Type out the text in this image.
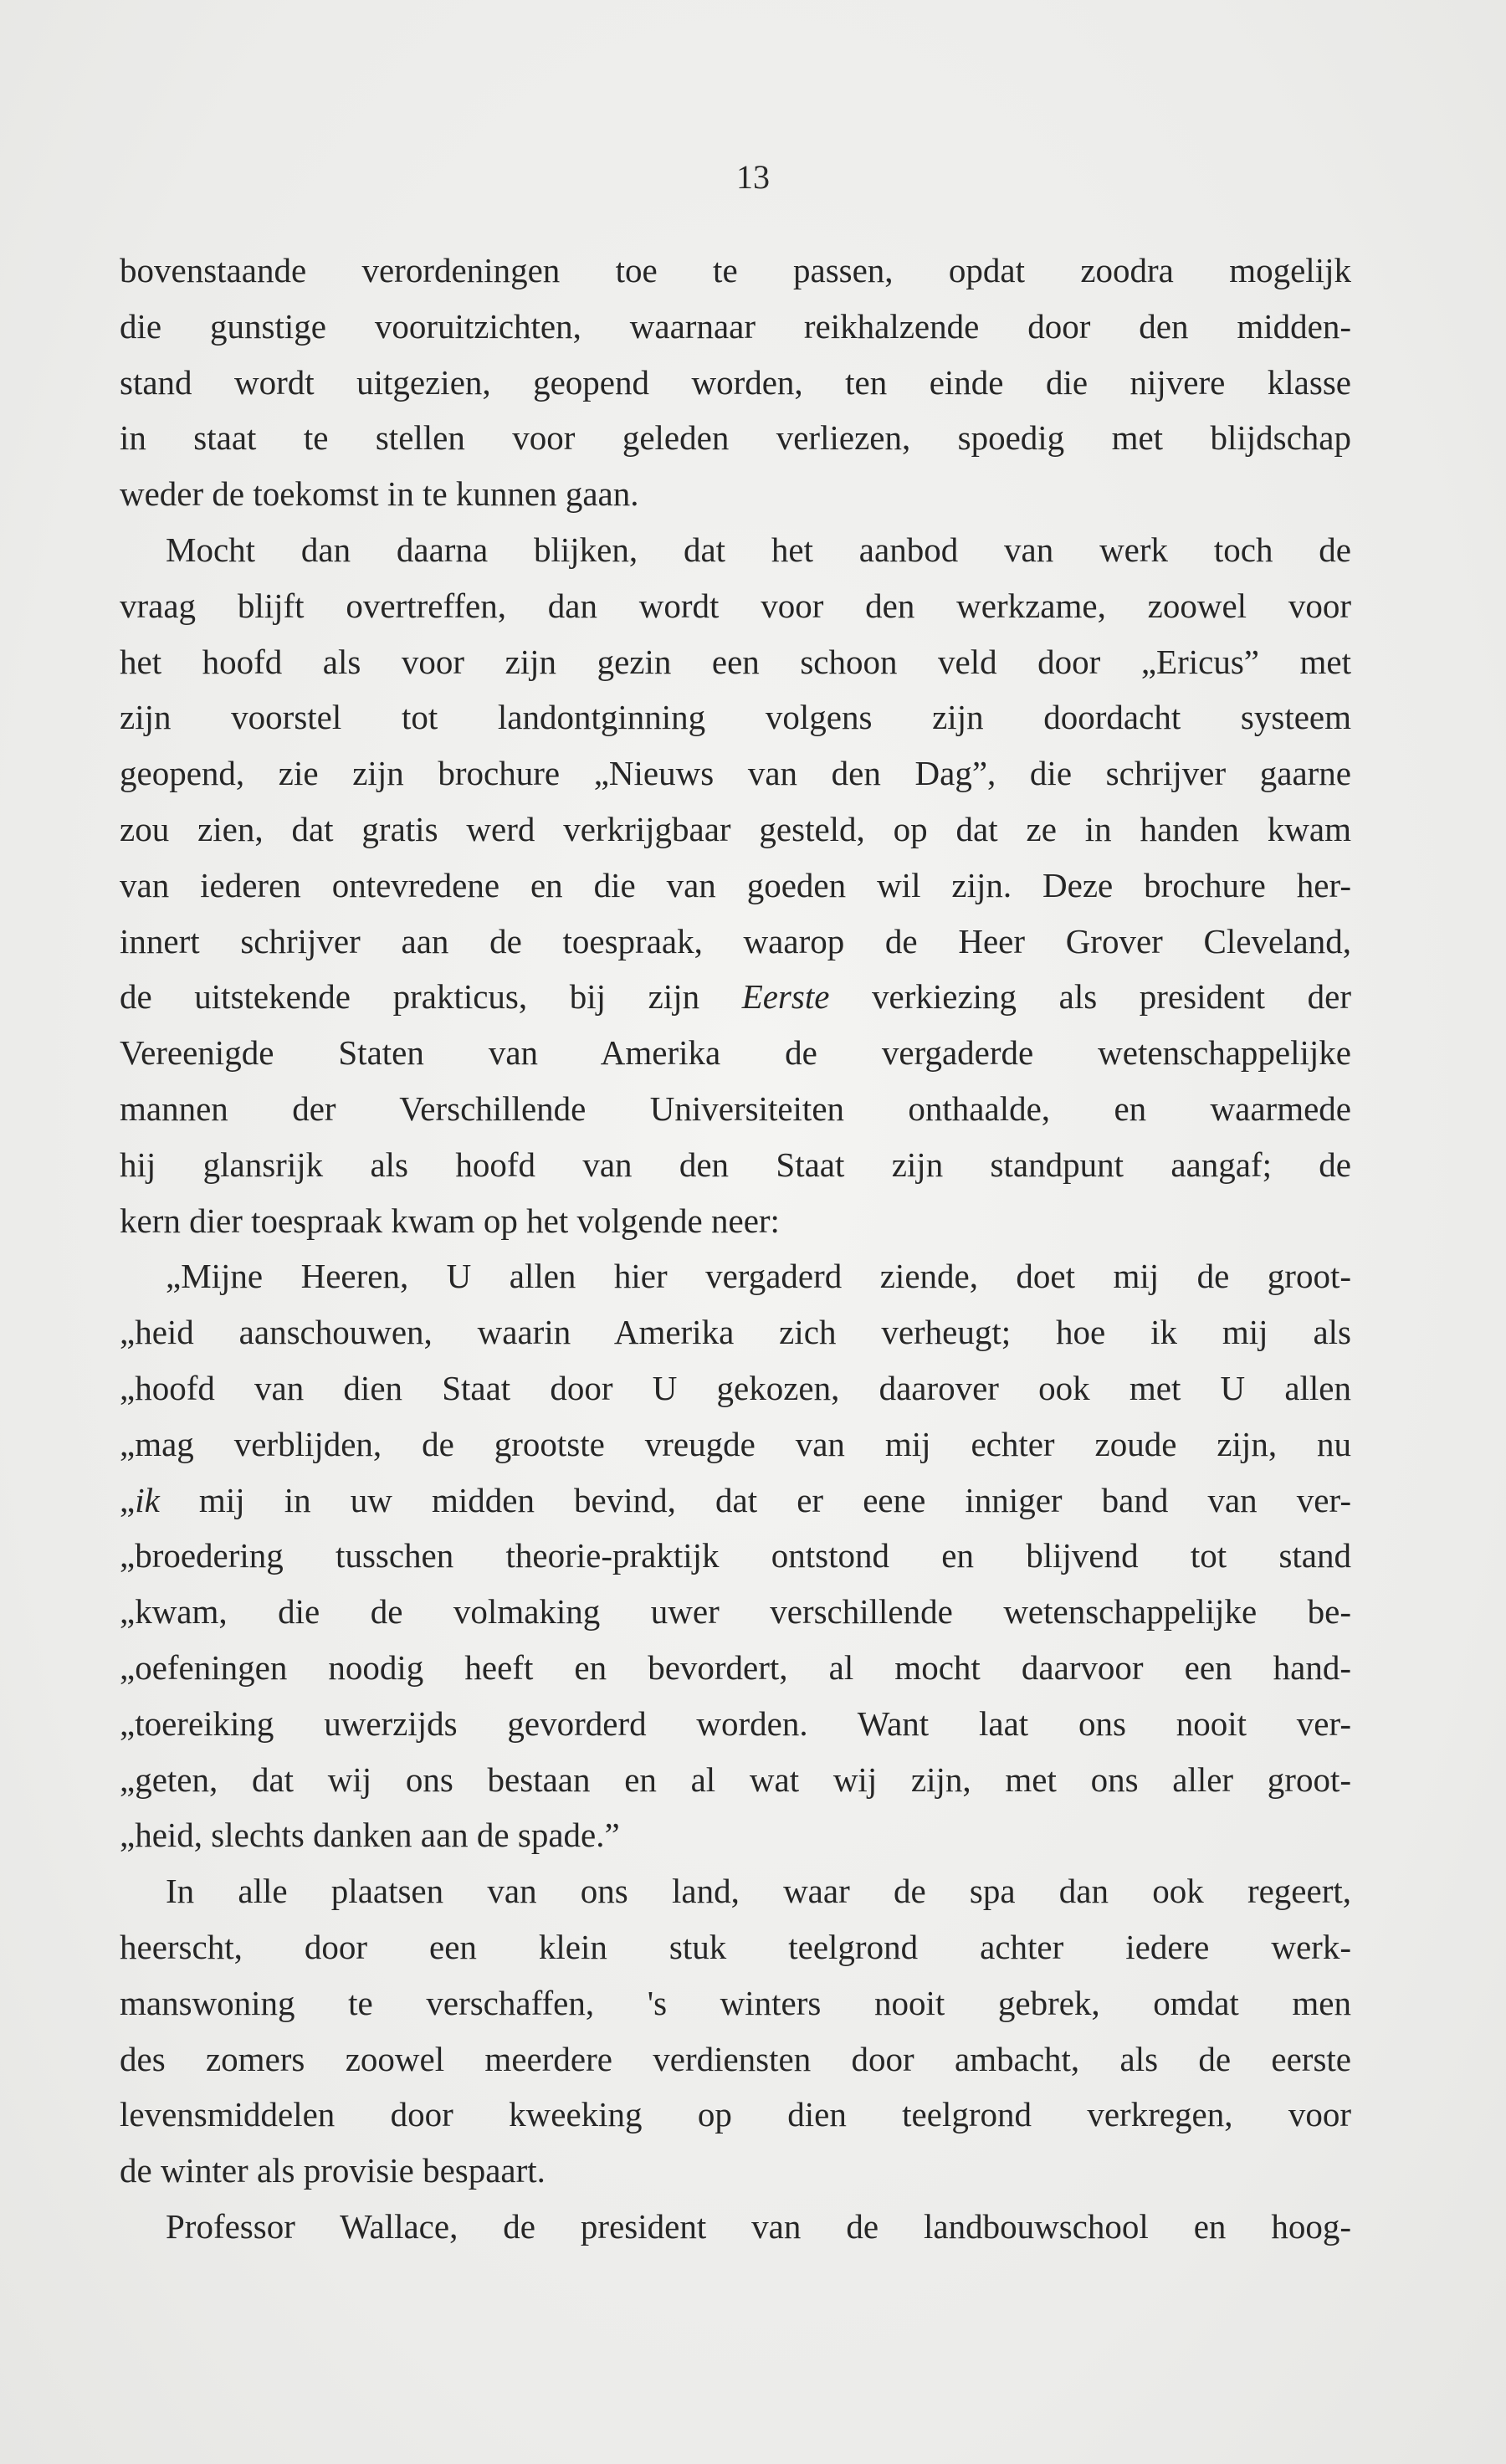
13
bovenstaande verordeningen toe te passen, opdat zoodra mogelijk
die gunstige vooruitzichten, waarnaar reikhalzende door den midden-
stand wordt uitgezien, geopend worden, ten einde die nijvere klasse
in staat te stellen voor geleden verliezen, spoedig met blijdschap
weder de toekomst in te kunnen gaan.
Mocht dan daarna blijken, dat het aanbod van werk toch de
vraag blijft overtreffen, dan wordt voor den werkzame, zoowel voor
het hoofd als voor zijn gezin een schoon veld door „Ericus” met
zijn voorstel tot landontginning volgens zijn doordacht systeem
geopend, zie zijn brochure „Nieuws van den Dag”, die schrijver gaarne
zou zien, dat gratis werd verkrijgbaar gesteld, op dat ze in handen kwam
van iederen ontevredene en die van goeden wil zijn. Deze brochure her-
innert schrijver aan de toespraak, waarop de Heer Grover Cleveland,
de uitstekende prakticus, bij zijn Eerste verkiezing als president der
Vereenigde Staten van Amerika de vergaderde wetenschappelijke
mannen der Verschillende Universiteiten onthaalde, en waarmede
hij glansrijk als hoofd van den Staat zijn standpunt aangaf; de
kern dier toespraak kwam op het volgende neer:
„Mijne Heeren, U allen hier vergaderd ziende, doet mij de groot-
„heid aanschouwen, waarin Amerika zich verheugt; hoe ik mij als
„hoofd van dien Staat door U gekozen, daarover ook met U allen
„mag verblijden, de grootste vreugde van mij echter zoude zijn, nu
„ik mij in uw midden bevind, dat er eene inniger band van ver-
„broedering tusschen theorie-praktijk ontstond en blijvend tot stand
„kwam, die de volmaking uwer verschillende wetenschappelijke be-
„oefeningen noodig heeft en bevordert, al mocht daarvoor een hand-
„toereiking uwerzijds gevorderd worden. Want laat ons nooit ver-
„geten, dat wij ons bestaan en al wat wij zijn, met ons aller groot-
„heid, slechts danken aan de spade.”
In alle plaatsen van ons land, waar de spa dan ook regeert,
heerscht, door een klein stuk teelgrond achter iedere werk-
manswoning te verschaffen, 's winters nooit gebrek, omdat men
des zomers zoowel meerdere verdiensten door ambacht, als de eerste
levensmiddelen door kweeking op dien teelgrond verkregen, voor
de winter als provisie bespaart.
Professor Wallace, de president van de landbouwschool en hoog-
